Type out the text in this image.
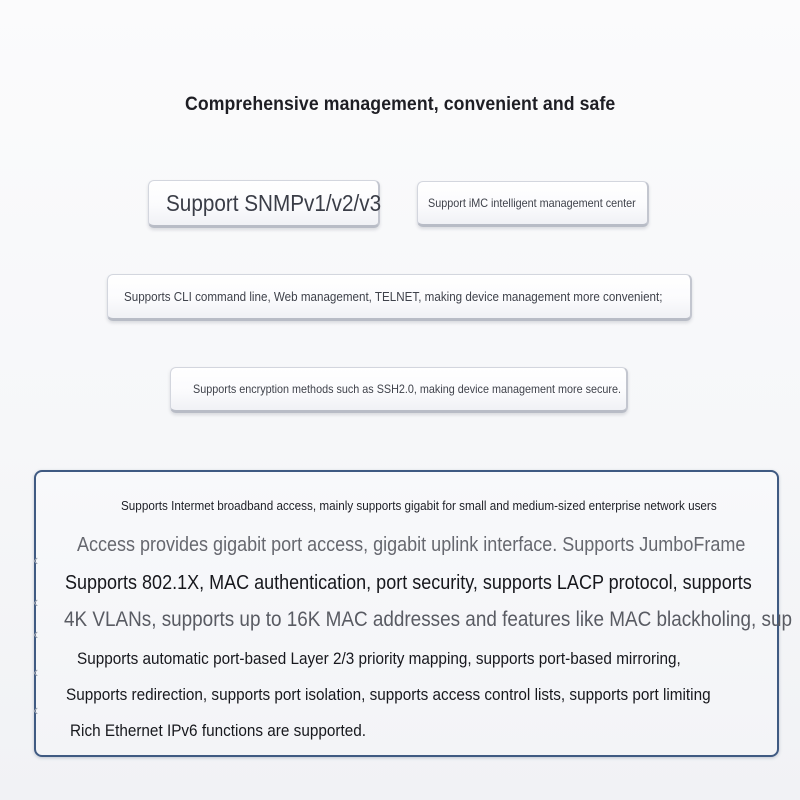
Comprehensive management, convenient and safe
Support SNMPv1/v2/v3	Support iMC intelligent management center
Supports CLI command line, Web management, TELNET, making device management more convenient;
Supports encryption methods such as SSH2.0, making device management more secure.
‹
‹
‹
‹
‹
Supports Intermet broadband access, mainly supports gigabit for small and medium-sized enterprise network users
Access provides gigabit port access, gigabit uplink interface. Supports JumboFrame
Supports 802.1X, MAC authentication, port security, supports LACP protocol, supports
4K VLANs, supports up to 16K MAC addresses and features like MAC blackholing, sup
Supports automatic port-based Layer 2/3 priority mapping, supports port-based mirroring,
Supports redirection, supports port isolation, supports access control lists, supports port limiting
Rich Ethernet IPv6 functions are supported.
